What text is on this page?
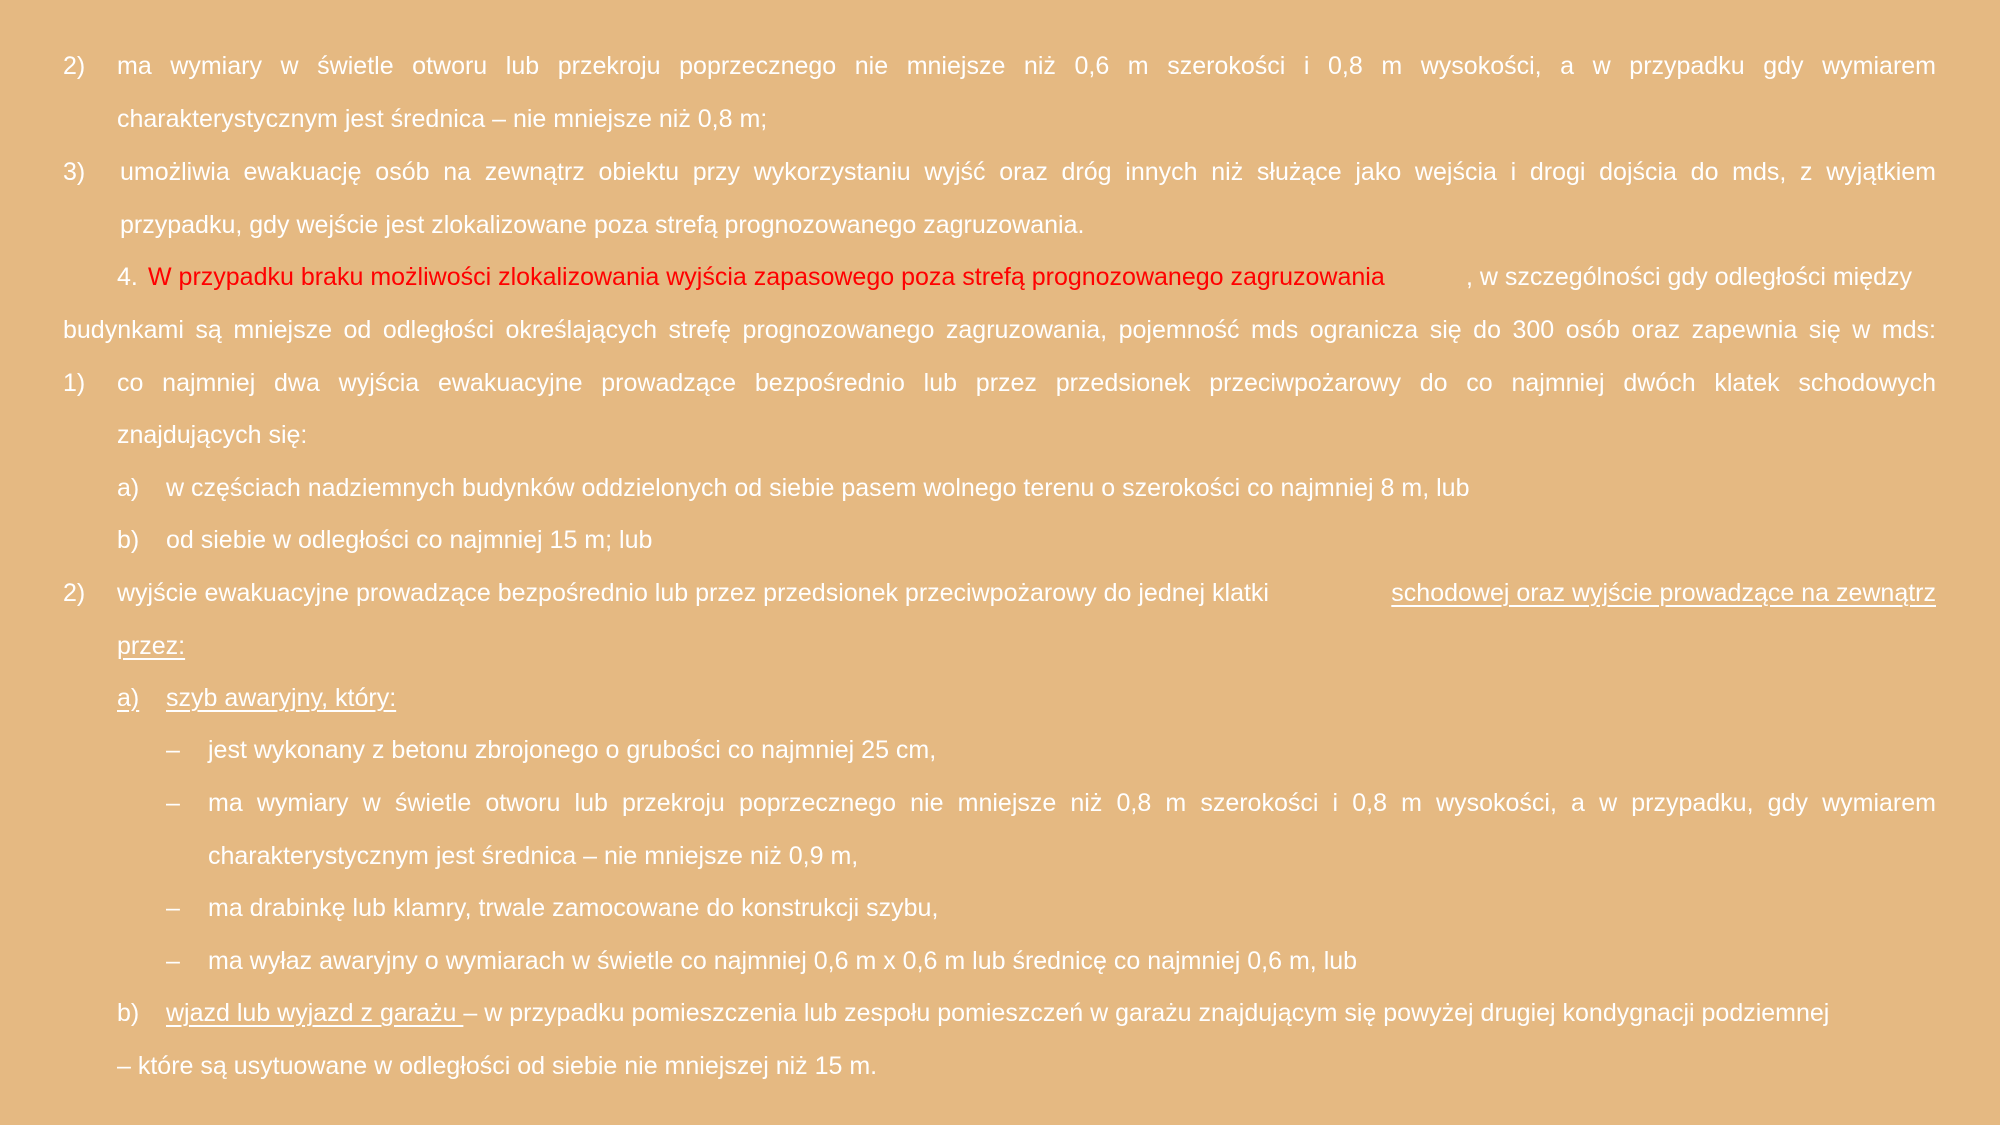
2) ma wymiary w świetle otworu lub przekroju poprzecznego nie mniejsze niż 0,6 m szerokości i 0,8 m wysokości, a w przypadku gdy wymiarem
charakterystycznym jest średnica – nie mniejsze niż 0,8 m;
3) umożliwia ewakuację osób na zewnątrz obiektu przy wykorzystaniu wyjść oraz dróg innych niż służące jako wejścia i drogi dojścia do mds, z wyjątkiem
przypadku, gdy wejście jest zlokalizowane poza strefą prognozowanego zagruzowania.
4. W przypadku braku możliwości zlokalizowania wyjścia zapasowego poza strefą prognozowanego zagruzowania	, w szczególności gdy odległości między
budynkami są mniejsze od odległości określających strefę prognozowanego zagruzowania, pojemność mds ogranicza się do 300 osób oraz zapewnia się w mds:
1) co najmniej dwa wyjścia ewakuacyjne prowadzące bezpośrednio lub przez przedsionek przeciwpożarowy do co najmniej dwóch klatek schodowych
znajdujących się:
a) w częściach nadziemnych budynków oddzielonych od siebie pasem wolnego terenu o szerokości co najmniej 8 m, lub
b) od siebie w odległości co najmniej 15 m; lub
2) wyjście ewakuacyjne prowadzące bezpośrednio lub przez przedsionek przeciwpożarowy do jednej klatki	schodowej oraz wyjście prowadzące na zewnątrz
przez:
a)	szyb awaryjny, który:
– jest wykonany z betonu zbrojonego o grubości co najmniej 25 cm,
– ma wymiary w świetle otworu lub przekroju poprzecznego nie mniejsze niż 0,8 m szerokości i 0,8 m wysokości, a w przypadku, gdy wymiarem
charakterystycznym jest średnica – nie mniejsze niż 0,9 m,
– ma drabinkę lub klamry, trwale zamocowane do konstrukcji szybu,
– ma wyłaz awaryjny o wymiarach w świetle co najmniej 0,6 m x 0,6 m lub średnicę co najmniej 0,6 m, lub
b) wjazd lub wyjazd z garażu – w przypadku pomieszczenia lub zespołu pomieszczeń w garażu znajdującym się powyżej drugiej kondygnacji podziemnej
– które są usytuowane w odległości od siebie nie mniejszej niż 15 m.
